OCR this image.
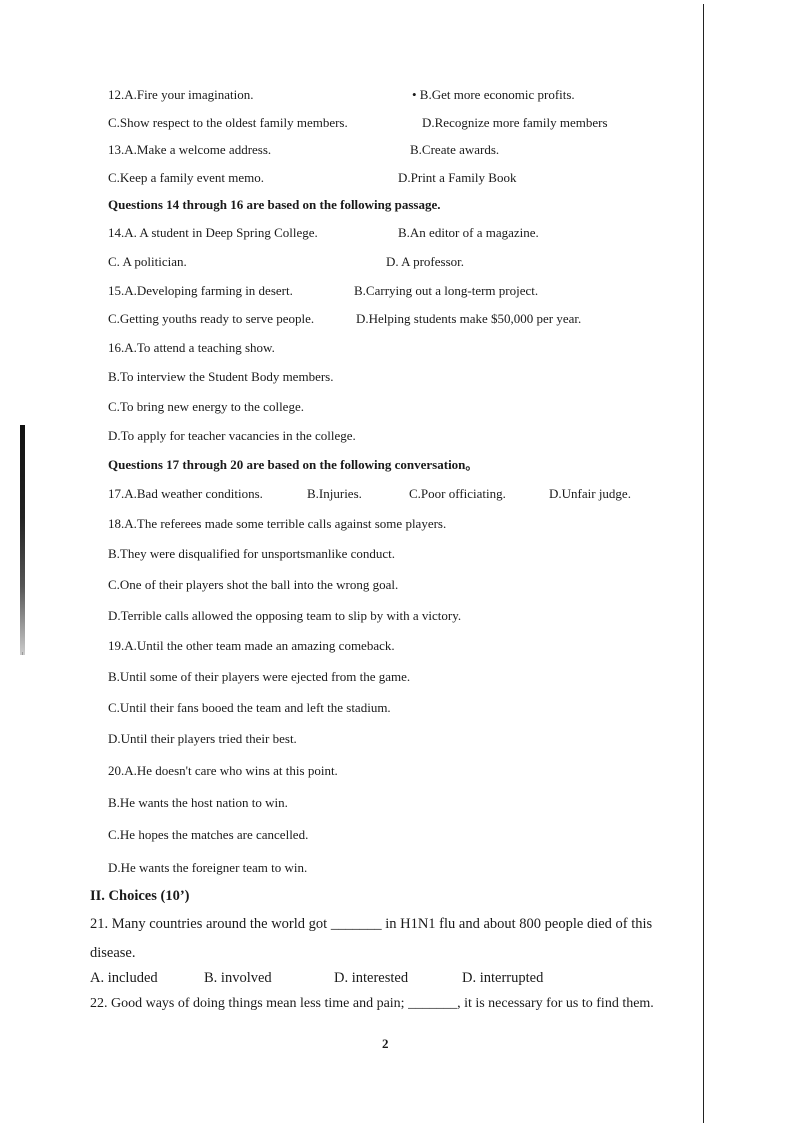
12.A.Fire your imagination.	• B.Get more economic profits.
C.Show respect to the oldest family members.	D.Recognize more family members
13.A.Make a welcome address.	B.Create awards.
C.Keep a family event memo.	D.Print a Family Book
Questions 14 through 16 are based on the following passage.
14.A. A student in Deep Spring College.	B.An editor of a magazine.
C. A politician.	D. A professor.
15.A.Developing farming in desert.	B.Carrying out a long-term project.
C.Getting youths ready to serve people.	D.Helping students make $50,000 per year.
16.A.To attend a teaching show.
B.To interview the Student Body members.
C.To bring new energy to the college.
D.To apply for teacher vacancies in the college.
Questions 17 through 20 are based on the following conversation。
17.A.Bad weather conditions.	B.Injuries.	C.Poor officiating.	D.Unfair judge.
18.A.The referees made some terrible calls against some players.
B.They were disqualified for unsportsmanlike conduct.
C.One of their players shot the ball into the wrong goal.
D.Terrible calls allowed the opposing team to slip by with a victory.
19.A.Until the other team made an amazing comeback.
B.Until some of their players were ejected from the game.
C.Until their fans booed the team and left the stadium.
D.Until their players tried their best.
20.A.He doesn't care who wins at this point.
B.He wants the host nation to win.
C.He hopes the matches are cancelled.
D.He wants the foreigner team to win.
II. Choices (10’)
21. Many countries around the world got _______ in H1N1 flu and about 800 people died of this
disease.
A. included	B. involved	D. interested	D. interrupted
22. Good ways of doing things mean less time and pain; _______, it is necessary for us to find them.
2
